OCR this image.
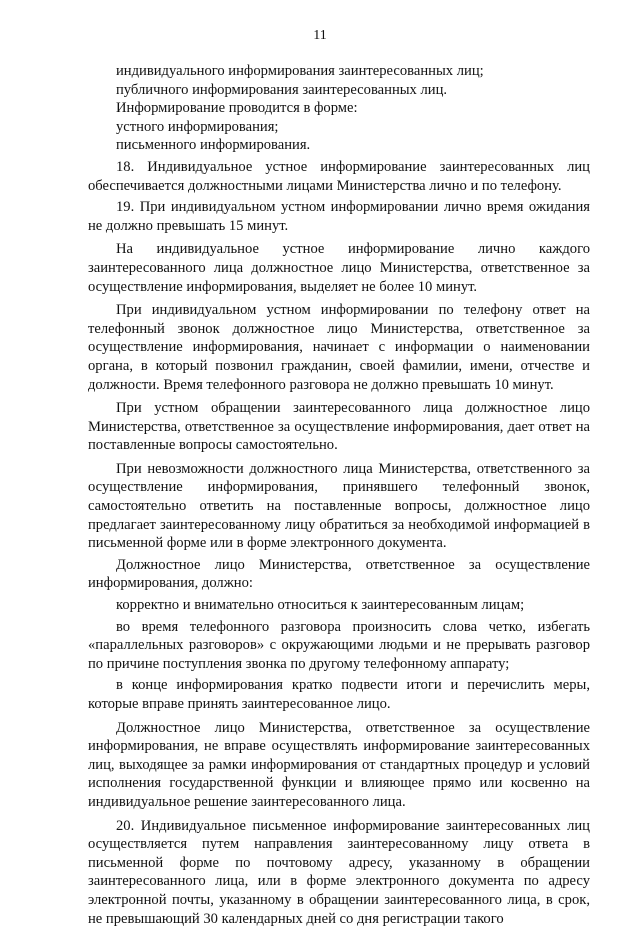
11

индивидуального информирования заинтересованных лиц;

публичного информирования заинтересованных лиц.

Информирование проводится в форме:

устного информирования;

письменного информирования.

18. Индивидуальное устное информирование заинтересованных лиц обеспечивается должностными лицами Министерства лично и по телефону.

19. При индивидуальном устном информировании лично время ожидания не должно превышать 15 минут.

На индивидуальное устное информирование лично каждого заинтересованного лица должностное лицо Министерства, ответственное за осуществление информирования, выделяет не более 10 минут.

При индивидуальном устном информировании по телефону ответ на телефонный звонок должностное лицо Министерства, ответственное за осуществление информирования, начинает с информации о наименовании органа, в который позвонил гражданин, своей фамилии, имени, отчестве и должности. Время телефонного разговора не должно превышать 10 минут.

При устном обращении заинтересованного лица должностное лицо Министерства, ответственное за осуществление информирования, дает ответ на поставленные вопросы самостоятельно.

При невозможности должностного лица Министерства, ответственного за осуществление информирования, принявшего телефонный звонок, самостоятельно ответить на поставленные вопросы, должностное лицо предлагает заинтересованному лицу обратиться за необходимой информацией в письменной форме или в форме электронного документа.

Должностное лицо Министерства, ответственное за осуществление информирования, должно:

корректно и внимательно относиться к заинтересованным лицам;

во время телефонного разговора произносить слова четко, избегать «параллельных разговоров» с окружающими людьми и не прерывать разговор по причине поступления звонка по другому телефонному аппарату;

в конце информирования кратко подвести итоги и перечислить меры, которые вправе принять заинтересованное лицо.

Должностное лицо Министерства, ответственное за осуществление информирования, не вправе осуществлять информирование заинтересованных лиц, выходящее за рамки информирования от стандартных процедур и условий исполнения государственной функции и влияющее прямо или косвенно на индивидуальное решение заинтересованного лица.

20. Индивидуальное письменное информирование заинтересованных лиц осуществляется путем направления заинтересованному лицу ответа в письменной форме по почтовому адресу, указанному в обращении заинтересованного лица, или в форме электронного документа по адресу электронной почты, указанному в обращении заинтересованного лица, в срок, не превышающий 30 календарных дней со дня регистрации такого
